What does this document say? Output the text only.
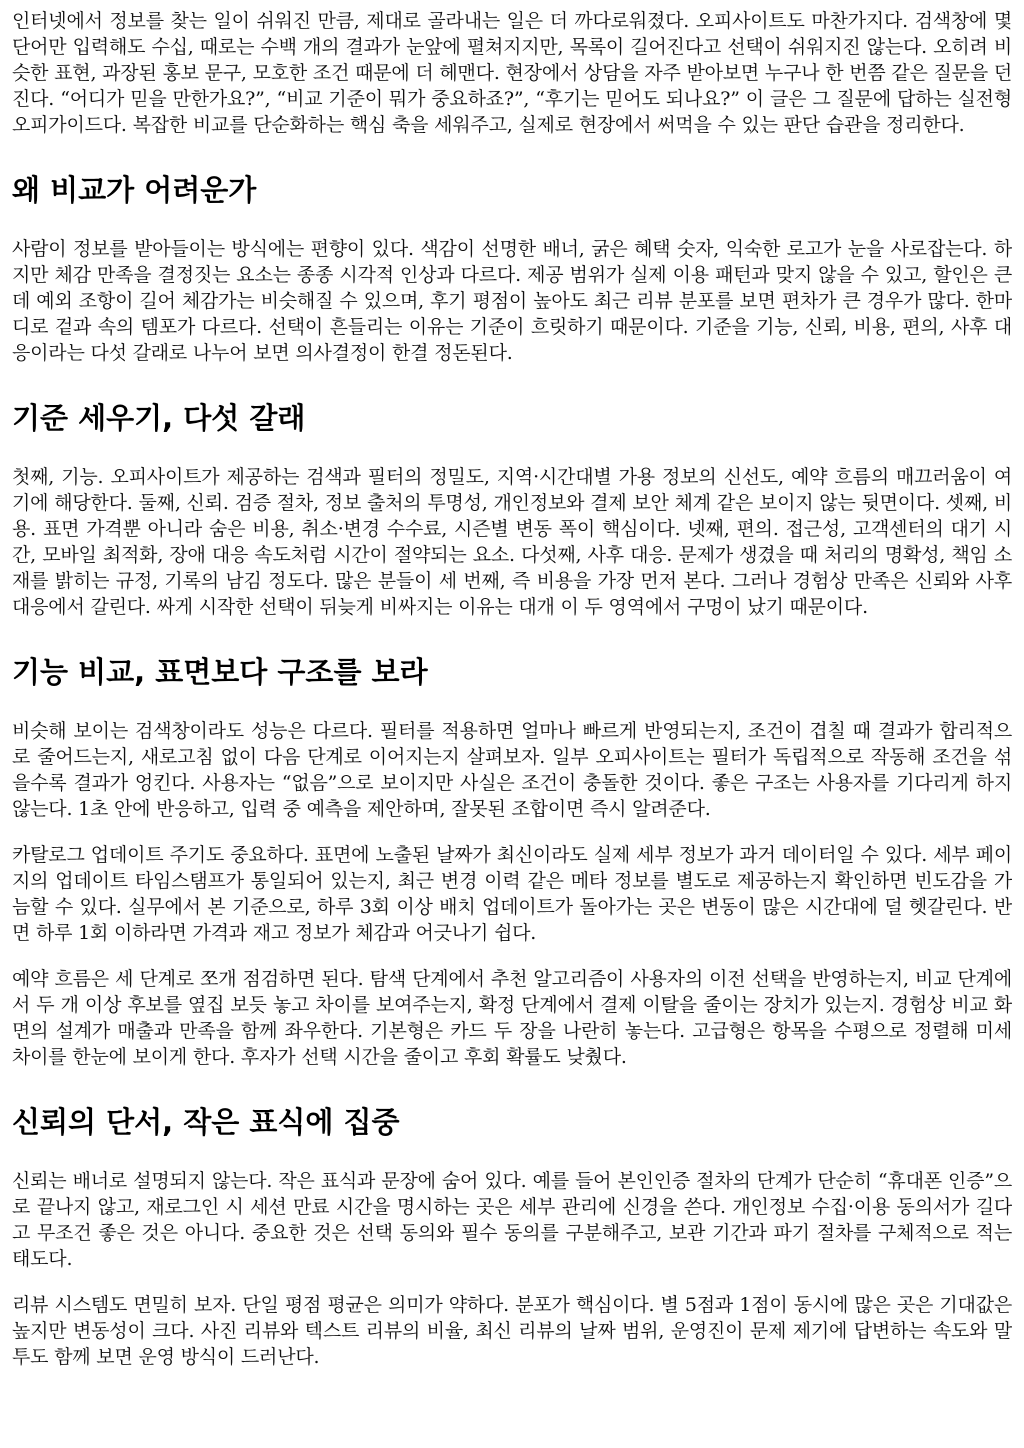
인터넷에서 정보를 찾는 일이 쉬워진 만큼, 제대로 골라내는 일은 더 까다로워졌다. 오피사이트도 마찬가지다. 검색창에 몇 단어만 입력해도 수십, 때로는 수백 개의 결과가 눈앞에 펼쳐지지만, 목록이 길어진다고 선택이 쉬워지진 않는다. 오히려 비슷한 표현, 과장된 홍보 문구, 모호한 조건 때문에 더 헤맨다. 현장에서 상담을 자주 받아보면 누구나 한 번쯤 같은 질문을 던진다. “어디가 믿을 만한가요?”, “비교 기준이 뭐가 중요하죠?”, “후기는 믿어도 되나요?” 이 글은 그 질문에 답하는 실전형 오피가이드다. 복잡한 비교를 단순화하는 핵심 축을 세워주고, 실제로 현장에서 써먹을 수 있는 판단 습관을 정리한다.

왜 비교가 어려운가

사람이 정보를 받아들이는 방식에는 편향이 있다. 색감이 선명한 배너, 굵은 혜택 숫자, 익숙한 로고가 눈을 사로잡는다. 하지만 체감 만족을 결정짓는 요소는 종종 시각적 인상과 다르다. 제공 범위가 실제 이용 패턴과 맞지 않을 수 있고, 할인은 큰데 예외 조항이 길어 체감가는 비슷해질 수 있으며, 후기 평점이 높아도 최근 리뷰 분포를 보면 편차가 큰 경우가 많다. 한마디로 겉과 속의 템포가 다르다. 선택이 흔들리는 이유는 기준이 흐릿하기 때문이다. 기준을 기능, 신뢰, 비용, 편의, 사후 대응이라는 다섯 갈래로 나누어 보면 의사결정이 한결 정돈된다.

기준 세우기, 다섯 갈래

첫째, 기능. 오피사이트가 제공하는 검색과 필터의 정밀도, 지역·시간대별 가용 정보의 신선도, 예약 흐름의 매끄러움이 여기에 해당한다. 둘째, 신뢰. 검증 절차, 정보 출처의 투명성, 개인정보와 결제 보안 체계 같은 보이지 않는 뒷면이다. 셋째, 비용. 표면 가격뿐 아니라 숨은 비용, 취소·변경 수수료, 시즌별 변동 폭이 핵심이다. 넷째, 편의. 접근성, 고객센터의 대기 시간, 모바일 최적화, 장애 대응 속도처럼 시간이 절약되는 요소. 다섯째, 사후 대응. 문제가 생겼을 때 처리의 명확성, 책임 소재를 밝히는 규정, 기록의 남김 정도다. 많은 분들이 세 번째, 즉 비용을 가장 먼저 본다. 그러나 경험상 만족은 신뢰와 사후 대응에서 갈린다. 싸게 시작한 선택이 뒤늦게 비싸지는 이유는 대개 이 두 영역에서 구멍이 났기 때문이다.

기능 비교, 표면보다 구조를 보라

비슷해 보이는 검색창이라도 성능은 다르다. 필터를 적용하면 얼마나 빠르게 반영되는지, 조건이 겹칠 때 결과가 합리적으로 줄어드는지, 새로고침 없이 다음 단계로 이어지는지 살펴보자. 일부 오피사이트는 필터가 독립적으로 작동해 조건을 섞을수록 결과가 엉킨다. 사용자는 “없음”으로 보이지만 사실은 조건이 충돌한 것이다. 좋은 구조는 사용자를 기다리게 하지 않는다. 1초 안에 반응하고, 입력 중 예측을 제안하며, 잘못된 조합이면 즉시 알려준다.

카탈로그 업데이트 주기도 중요하다. 표면에 노출된 날짜가 최신이라도 실제 세부 정보가 과거 데이터일 수 있다. 세부 페이지의 업데이트 타임스탬프가 통일되어 있는지, 최근 변경 이력 같은 메타 정보를 별도로 제공하는지 확인하면 빈도감을 가늠할 수 있다. 실무에서 본 기준으로, 하루 3회 이상 배치 업데이트가 돌아가는 곳은 변동이 많은 시간대에 덜 헷갈린다. 반면 하루 1회 이하라면 가격과 재고 정보가 체감과 어긋나기 쉽다.

예약 흐름은 세 단계로 쪼개 점검하면 된다. 탐색 단계에서 추천 알고리즘이 사용자의 이전 선택을 반영하는지, 비교 단계에서 두 개 이상 후보를 옆집 보듯 놓고 차이를 보여주는지, 확정 단계에서 결제 이탈을 줄이는 장치가 있는지. 경험상 비교 화면의 설계가 매출과 만족을 함께 좌우한다. 기본형은 카드 두 장을 나란히 놓는다. 고급형은 항목을 수평으로 정렬해 미세 차이를 한눈에 보이게 한다. 후자가 선택 시간을 줄이고 후회 확률도 낮췄다.

신뢰의 단서, 작은 표식에 집중

신뢰는 배너로 설명되지 않는다. 작은 표식과 문장에 숨어 있다. 예를 들어 본인인증 절차의 단계가 단순히 “휴대폰 인증”으로 끝나지 않고, 재로그인 시 세션 만료 시간을 명시하는 곳은 세부 관리에 신경을 쓴다. 개인정보 수집·이용 동의서가 길다고 무조건 좋은 것은 아니다. 중요한 것은 선택 동의와 필수 동의를 구분해주고, 보관 기간과 파기 절차를 구체적으로 적는 태도다.

리뷰 시스템도 면밀히 보자. 단일 평점 평균은 의미가 약하다. 분포가 핵심이다. 별 5점과 1점이 동시에 많은 곳은 기대값은 높지만 변동성이 크다. 사진 리뷰와 텍스트 리뷰의 비율, 최신 리뷰의 날짜 범위, 운영진이 문제 제기에 답변하는 속도와 말투도 함께 보면 운영 방식이 드러난다.
